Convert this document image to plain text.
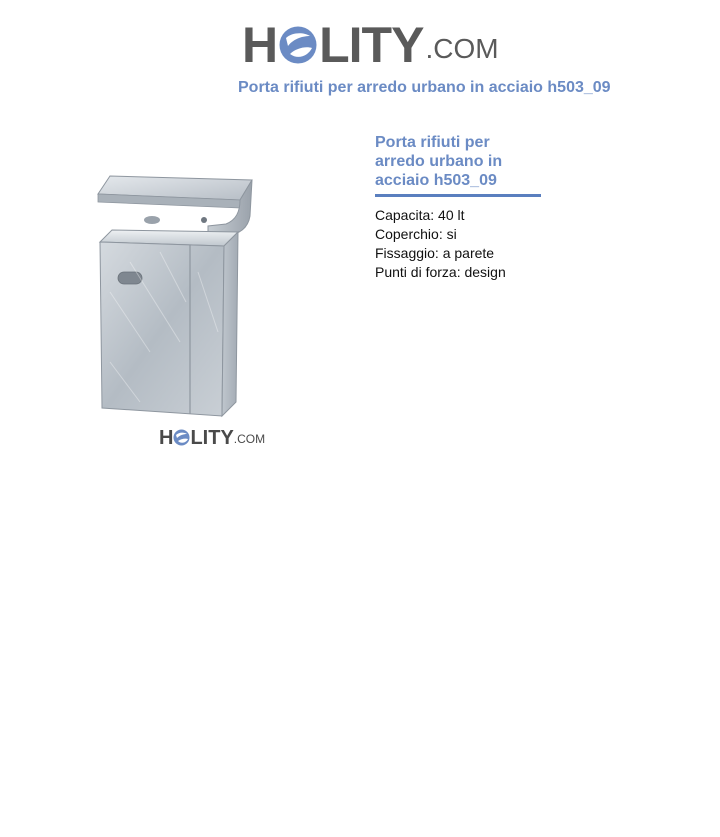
H LITY .COM
Porta rifiuti per arredo urbano in acciaio h503_09
H LITY .COM
Porta rifiuti per arredo urbano in acciaio h503_09
Capacita: 40 lt
Coperchio: si
Fissaggio: a parete
Punti di forza: design
